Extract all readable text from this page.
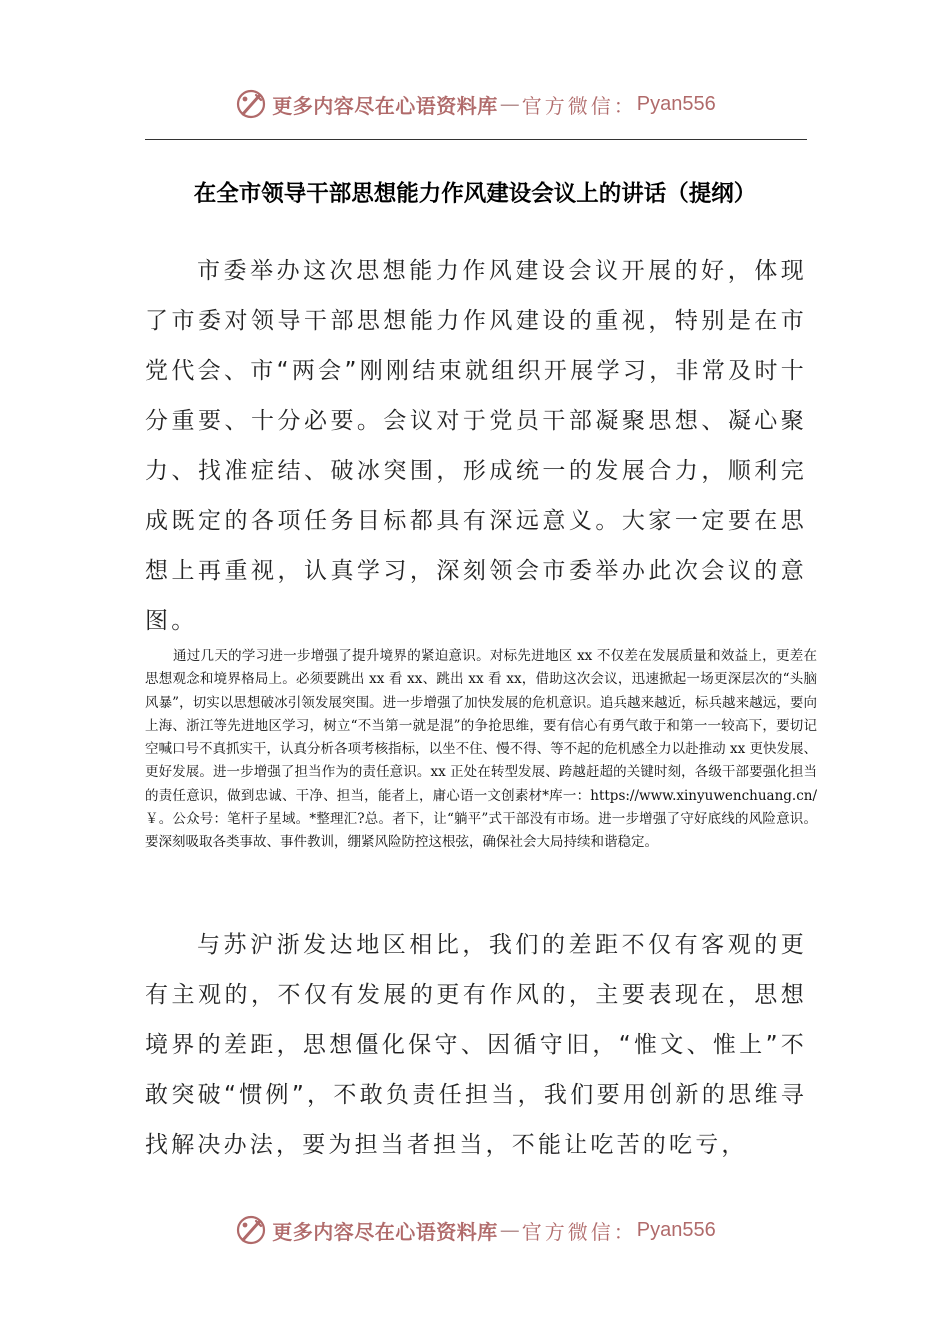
更多内容尽在心语资料库 — 官方微信： Pyan556
在全市领导干部思想能力作风建设会议上的讲话（提纲）

市委举办这次思想能力作风建设会议开展的好，体现了市委对领导干部思想能力作风建设的重视，特别是在市党代会、市“两会”刚刚结束就组织开展学习，非常及时十分重要、十分必要。会议对于党员干部凝聚思想、凝心聚力、找准症结、破冰突围，形成统一的发展合力，顺利完成既定的各项任务目标都具有深远意义。大家一定要在思想上再重视，认真学习，深刻领会市委举办此次会议的意图。

通过几天的学习进一步增强了提升境界的紧迫意识。对标先进地区 xx 不仅差在发展质量和效益上，更差在思想观念和境界格局上。必须要跳出 xx 看 xx、跳出 xx 看 xx，借助这次会议，迅速掀起一场更深层次的“头脑风暴”，切实以思想破冰引领发展突围。进一步增强了加快发展的危机意识。追兵越来越近，标兵越来越远，要向上海、浙江等先进地区学习，树立“不当第一就是混”的争抢思维，要有信心有勇气敢于和第一一较高下，要切记空喊口号不真抓实干，认真分析各项考核指标，以坐不住、慢不得、等不起的危机感全力以赴推动 xx 更快发展、更好发展。进一步增强了担当作为的责任意识。xx 正处在转型发展、跨越赶超的关键时刻，各级干部要强化担当的责任意识，做到忠诚、干净、担当，能者上，庸心语一文创素材*库一：https://www.xinyuwenchuang.cn/￥。公众号：笔杆子星域。*整理汇?总。者下，让“躺平”式干部没有市场。进一步增强了守好底线的风险意识。要深刻吸取各类事故、事件教训，绷紧风险防控这根弦，确保社会大局持续和谐稳定。

与苏沪浙发达地区相比，我们的差距不仅有客观的更有主观的，不仅有发展的更有作风的，主要表现在，思想境界的差距，思想僵化保守、因循守旧，“惟文、惟上”不敢突破“惯例”，不敢负责任担当，我们要用创新的思维寻找解决办法，要为担当者担当，不能让吃苦的吃亏，

更多内容尽在心语资料库 — 官方微信： Pyan556
